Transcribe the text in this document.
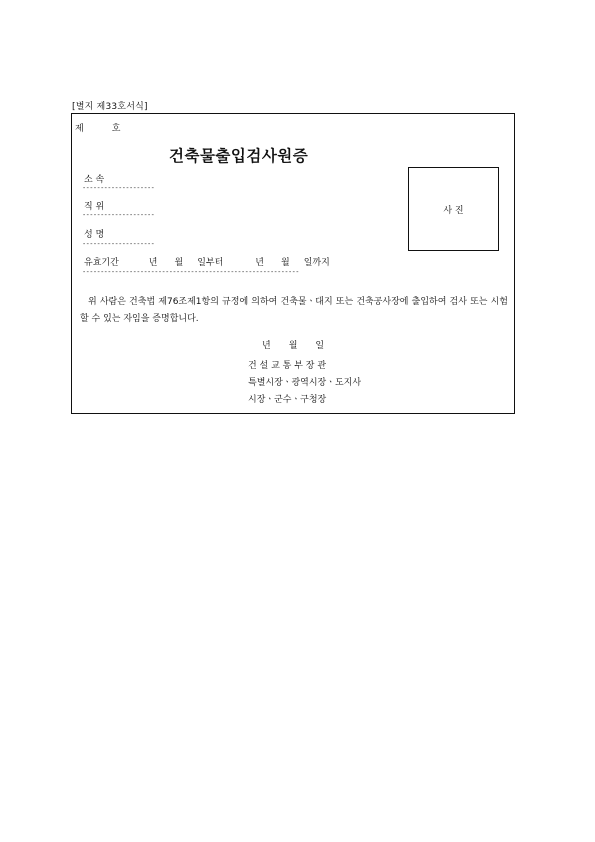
[별지 제33호서식]
제	호
건축물출입검사원증
소 속
--------------------
직 위
--------------------
성 명
--------------------
사 진
유효기간	년 월 일부터	년 월 일까지
------------------------------------------------------------
위 사람은 건축법 제76조제1항의 규정에 의하여 건축물ㆍ대지 또는 건축공사장에 출입하여 검사 또는 시험할 수 있는 자임을 증명합니다.
년 월 일
건 설 교 통 부 장 관
특별시장ㆍ광역시장ㆍ도지사
시장ㆍ군수ㆍ구청장
